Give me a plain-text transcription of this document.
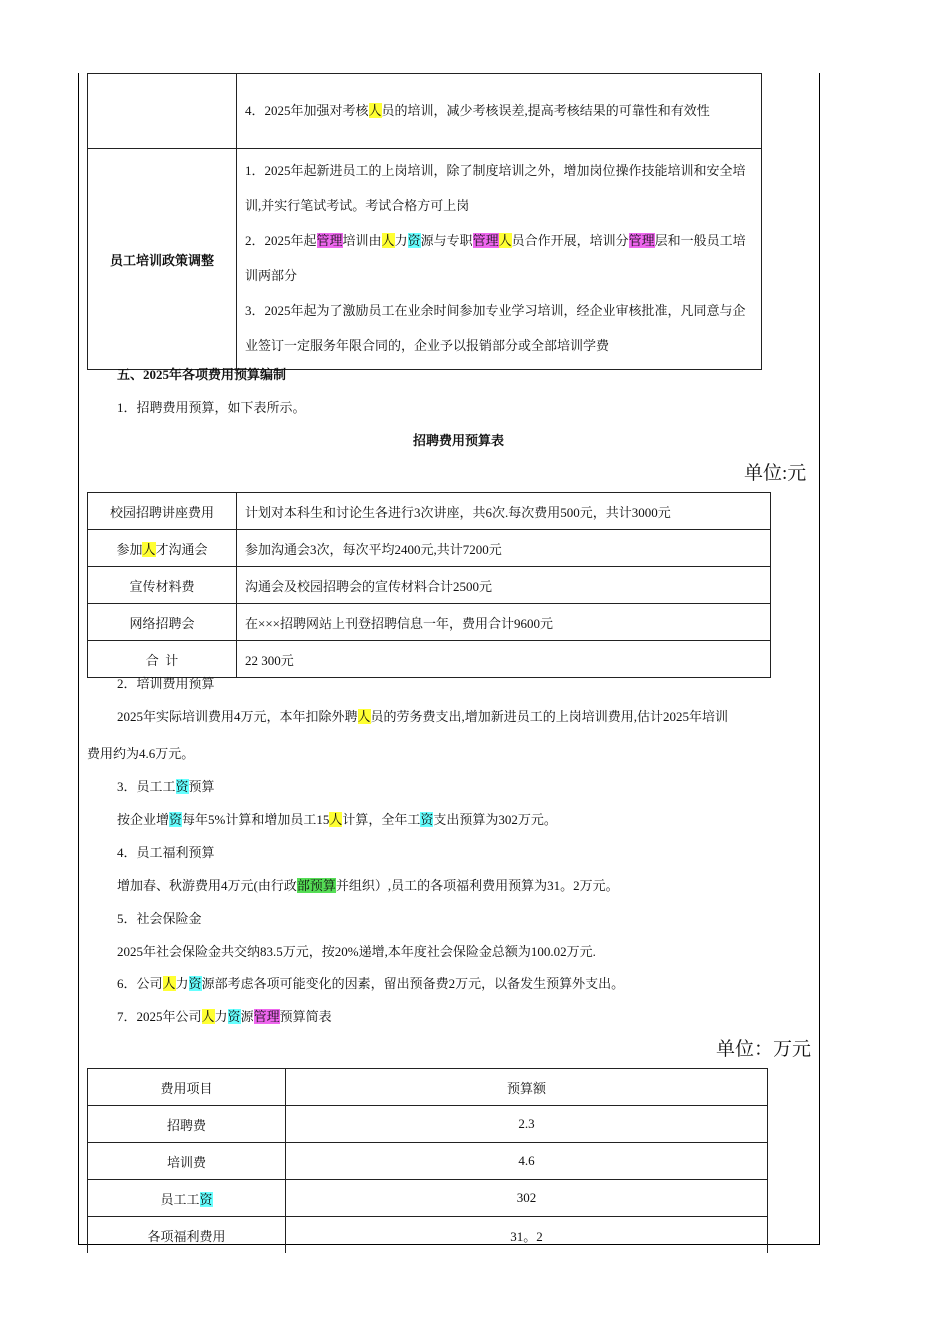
	4．2025年加强对考核人员的培训，减少考核误差,提高考核结果的可靠性和有效性

员工培训政策调整	1．2025年起新进员工的上岗培训，除了制度培训之外，增加岗位操作技能培训和安全培训,并实行笔试考试。考试合格方可上岗

2．2025年起管理培训由人力资源与专职管理人员合作开展，培训分管理层和一般员工培训两部分

3．2025年起为了激励员工在业余时间参加专业学习培训，经企业审核批准，凡同意与企业签订一定服务年限合同的，企业予以报销部分或全部培训学费

五、2025年各项费用预算编制
1．招聘费用预算，如下表所示。
招聘费用预算表
单位:元
校园招聘讲座费用	计划对本科生和讨论生各进行3次讲座，共6次.每次费用500元，共计3000元
参加人才沟通会	参加沟通会3次，每次平均2400元,共计7200元
宣传材料费	沟通会及校园招聘会的宣传材料合计2500元
网络招聘会	在×××招聘网站上刊登招聘信息一年，费用合计9600元
合  计	22 300元
2．培训费用预算
2025年实际培训费用4万元，本年扣除外聘人员的劳务费支出,增加新进员工的上岗培训费用,估计2025年培训
费用约为4.6万元。
3．员工工资预算
按企业增资每年5%计算和增加员工15人计算，全年工资支出预算为302万元。
4．员工福利预算
增加春、秋游费用4万元(由行政部预算并组织）,员工的各项福利费用预算为31。2万元。
5．社会保险金
2025年社会保险金共交纳83.5万元，按20%递增,本年度社会保险金总额为100.02万元.
6．公司人力资源部考虑各项可能变化的因素，留出预备费2万元，以备发生预算外支出。
7．2025年公司人力资源管理预算简表
单位：万元
费用项目	预算额
招聘费	2.3
培训费	4.6
员工工资	302
各项福利费用	31。2
